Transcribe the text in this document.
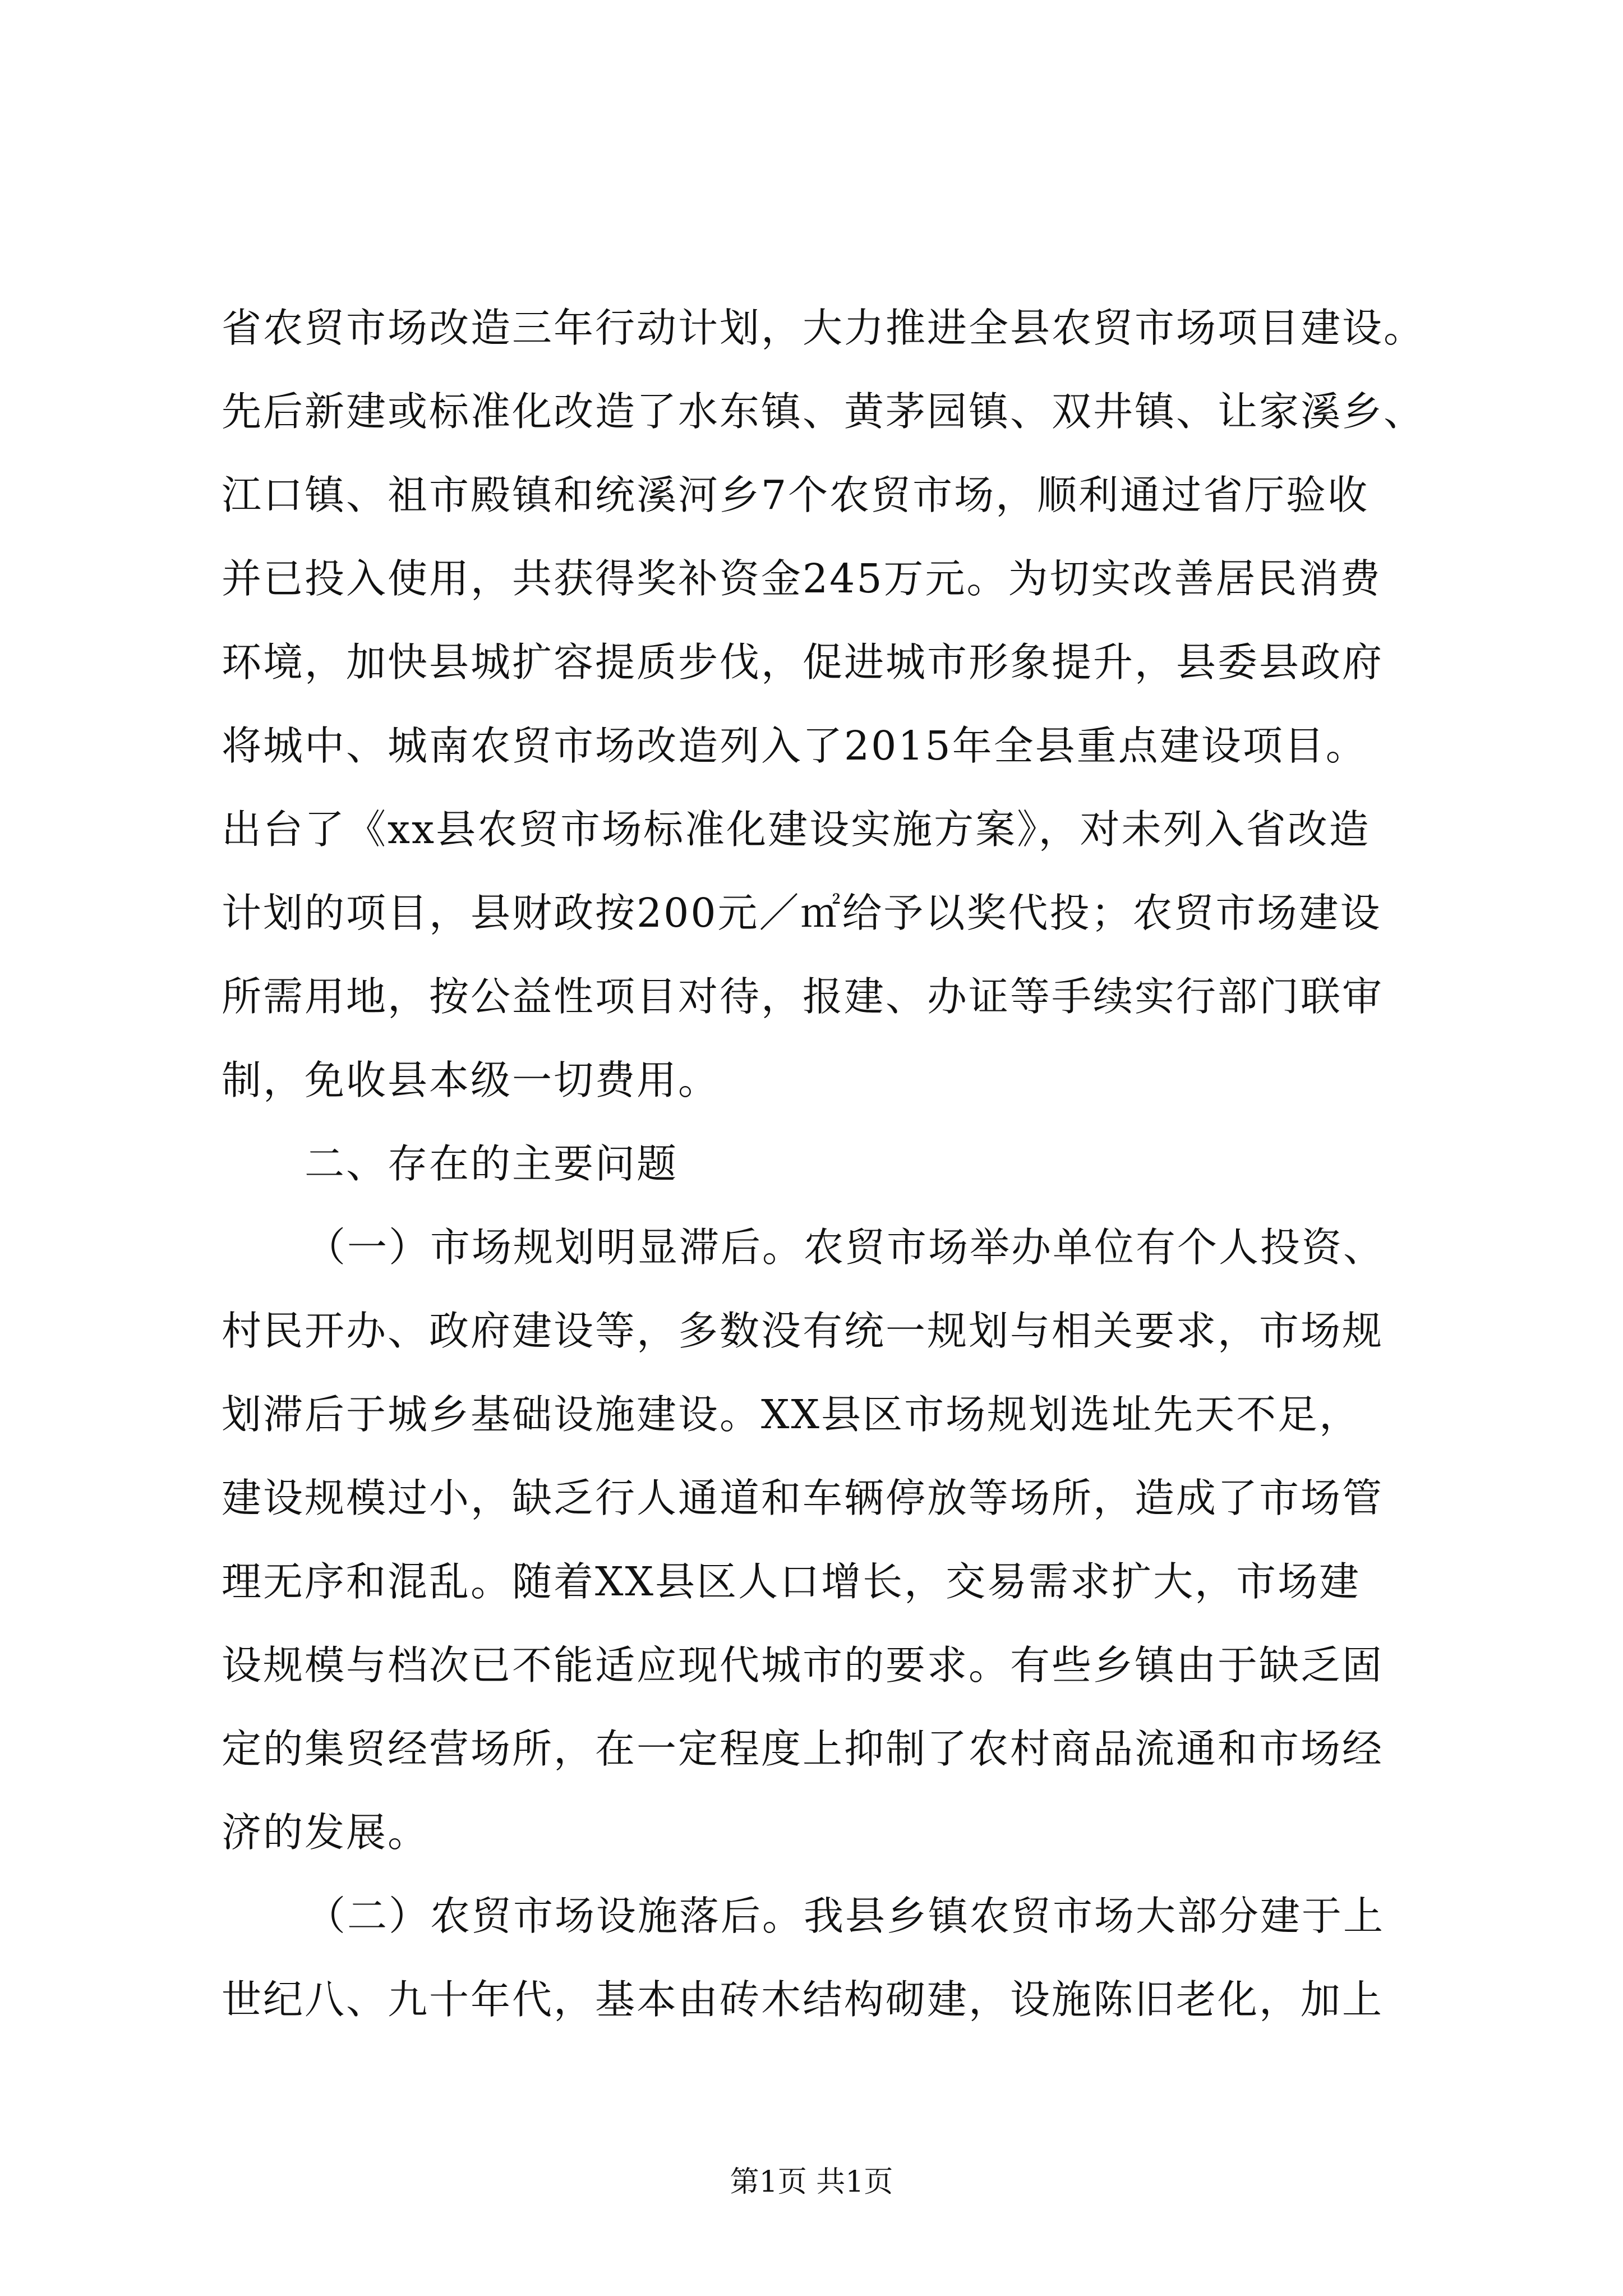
省农贸市场改造三年行动计划，大力推进全县农贸市场项目建设。
先后新建或标准化改造了水东镇、黄茅园镇、双井镇、让家溪乡、
江口镇、祖市殿镇和统溪河乡7个农贸市场，顺利通过省厅验收
并已投入使用，共获得奖补资金245万元。为切实改善居民消费
环境，加快县城扩容提质步伐，促进城市形象提升，县委县政府
将城中、城南农贸市场改造列入了2015年全县重点建设项目。
出台了《xx县农贸市场标准化建设实施方案》，对未列入省改造
计划的项目，县财政按200元／㎡给予以奖代投；农贸市场建设
所需用地，按公益性项目对待，报建、办证等手续实行部门联审
制，免收县本级一切费用。
二、存在的主要问题
（一）市场规划明显滞后。农贸市场举办单位有个人投资、
村民开办、政府建设等，多数没有统一规划与相关要求，市场规
划滞后于城乡基础设施建设。XX县区市场规划选址先天不足，
建设规模过小，缺乏行人通道和车辆停放等场所，造成了市场管
理无序和混乱。随着XX县区人口增长，交易需求扩大，市场建
设规模与档次已不能适应现代城市的要求。有些乡镇由于缺乏固
定的集贸经营场所，在一定程度上抑制了农村商品流通和市场经
济的发展。
（二）农贸市场设施落后。我县乡镇农贸市场大部分建于上
世纪八、九十年代，基本由砖木结构砌建，设施陈旧老化，加上
第1页 共1页
